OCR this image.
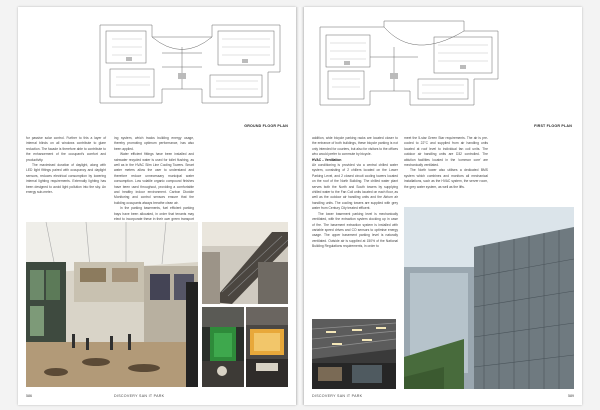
GROUND FLOOR PLAN

for passive solar control. Further to this a layer of internal blinds on all windows contribute to glare reduction. The facade is therefore able to contribute to the enhancement of the occupant's comfort and productivity.

The maximised duration of daylight, along with LED light fittings paired with occupancy and daylight sensors, reduces electrical consumption by lowering internal lighting requirements. Externally lighting has been designed to avoid light pollution into the sky. An energy sub-meter-

ing system, which tracks building energy usage, thereby promoting optimum performance, has also been applied.

Water efficient fittings have been installed and rainwater recycled water is used for toilet flushing, as well as in the HVAC Slim Line Cooling Towers. Smart water meters allow the user to understand and therefore reduce unnecessary municipal water consumption. Low volatile organic compound finishes have been used throughout, providing a comfortable and healthy indoor environment. Carbon Dioxide Monitoring and control sensors ensure that the building occupants always breathe clean air.

In the parking basements, fuel efficient parking bays have been allocated, in order that tenants may elect to incorporate these in their own green transport

586	DISCOVERY SAN IT PARK
FIRST FLOOR PLAN

addition, wide bicycle parking racks are located closer to the entrance of both buildings, these bicycle parking is not only intended for couriers, but also for visitors to the offices who would prefer to commute by bicycle.

HVAC – Ventilation

Air conditioning is provided via a central chilled water system, consisting of 2 chillers located on the Lower Parking Level, and 2 closed circuit cooling towers located on the roof of the North Building. The chilled water plant serves both the North and South towers by supplying chilled water to the Fan Coil units located on each floor, as well as the outdoor air handling units and the Atrium air handling units. The cooling towers are supplied with grey water from Century City treated effluent.

The lower basement parking level is mechanically ventilated, with the extraction system clocking up in case of fire. The basement extraction system is installed with variable speed drives and CO sensors to optimise energy usage. The upper basement parking level is naturally ventilated. Outside air is supplied at 150% of the National Building Regulations requirements, in order to

meet the 5-star Green Star requirements. The air is pre-cooled to 22°C and supplied from air handling units located at roof level to individual fan coil units. The outdoor air handling units are D32 controlled. The ablution facilities located in the 'common core' are mechanically ventilated.

The North tower also utilises a dedicated BMS system which combines and monitors all mechanical installations, such as the HVAC system, the server room, the grey water system, as well as the lifts.

DISCOVERY SAN IT PARK	589
